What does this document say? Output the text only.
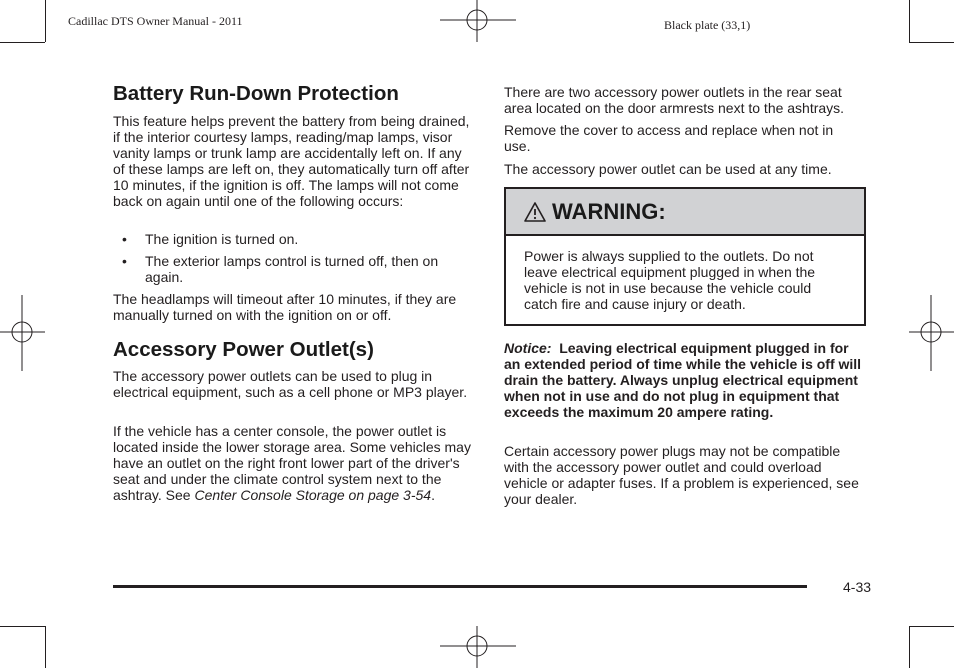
Cadillac DTS Owner Manual - 2011	Black plate (33,1)
Battery Run-Down Protection

This feature helps prevent the battery from being drained, if the interior courtesy lamps, reading/map lamps, visor vanity lamps or trunk lamp are accidentally left on. If any of these lamps are left on, they automatically turn off after 10 minutes, if the ignition is off. The lamps will not come back on again until one of the following occurs:

• The ignition is turned on.
• The exterior lamps control is turned off, then on again.

The headlamps will timeout after 10 minutes, if they are manually turned on with the ignition on or off.

Accessory Power Outlet(s)

The accessory power outlets can be used to plug in electrical equipment, such as a cell phone or MP3 player.

If the vehicle has a center console, the power outlet is located inside the lower storage area. Some vehicles may have an outlet on the right front lower part of the driver's seat and under the climate control system next to the ashtray. See Center Console Storage on page 3-54.

There are two accessory power outlets in the rear seat area located on the door armrests next to the ashtrays.

Remove the cover to access and replace when not in use.

The accessory power outlet can be used at any time.

WARNING:
Power is always supplied to the outlets. Do not leave electrical equipment plugged in when the vehicle is not in use because the vehicle could catch fire and cause injury or death.

Notice: Leaving electrical equipment plugged in for an extended period of time while the vehicle is off will drain the battery. Always unplug electrical equipment when not in use and do not plug in equipment that exceeds the maximum 20 ampere rating.

Certain accessory power plugs may not be compatible with the accessory power outlet and could overload vehicle or adapter fuses. If a problem is experienced, see your dealer.

4-33
